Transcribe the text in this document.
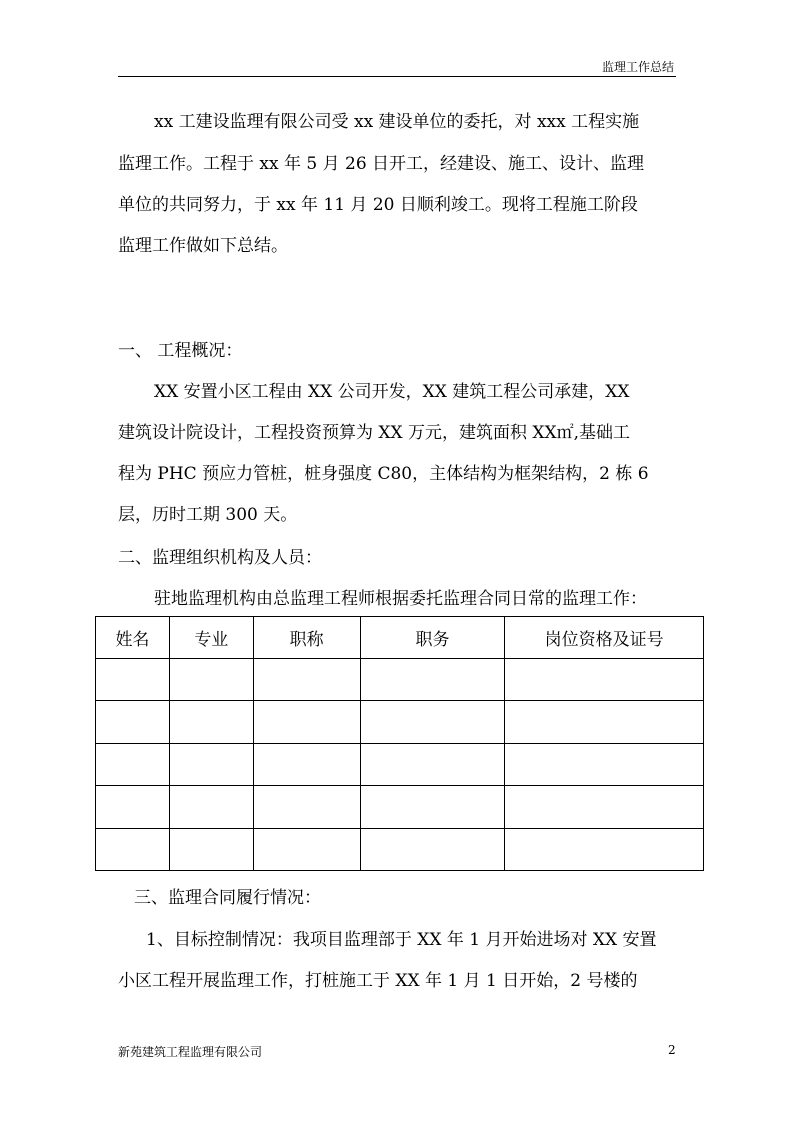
监理工作总结
xx 工建设监理有限公司受 xx 建设单位的委托，对 xxx 工程实施
监理工作。工程于 xx 年 5 月 26 日开工，经建设、施工、设计、监理
单位的共同努力，于 xx 年 11 月 20 日顺利竣工。现将工程施工阶段
监理工作做如下总结。
一、 工程概况：
XX 安置小区工程由 XX 公司开发，XX 建筑工程公司承建，XX
建筑设计院设计，工程投资预算为 XX 万元，建筑面积 XX㎡,基础工
程为 PHC 预应力管桩，桩身强度 C80，主体结构为框架结构，2 栋 6
层，历时工期 300 天。
二、监理组织机构及人员：
驻地监理机构由总监理工程师根据委托监理合同日常的监理工作：
姓名	专业	职称	职务	岗位资格及证号

三、监理合同履行情况：
1、目标控制情况：我项目监理部于 XX 年 1 月开始进场对 XX 安置
小区工程开展监理工作，打桩施工于 XX 年 1 月 1 日开始，2 号楼的
新苑建筑工程监理有限公司	2
